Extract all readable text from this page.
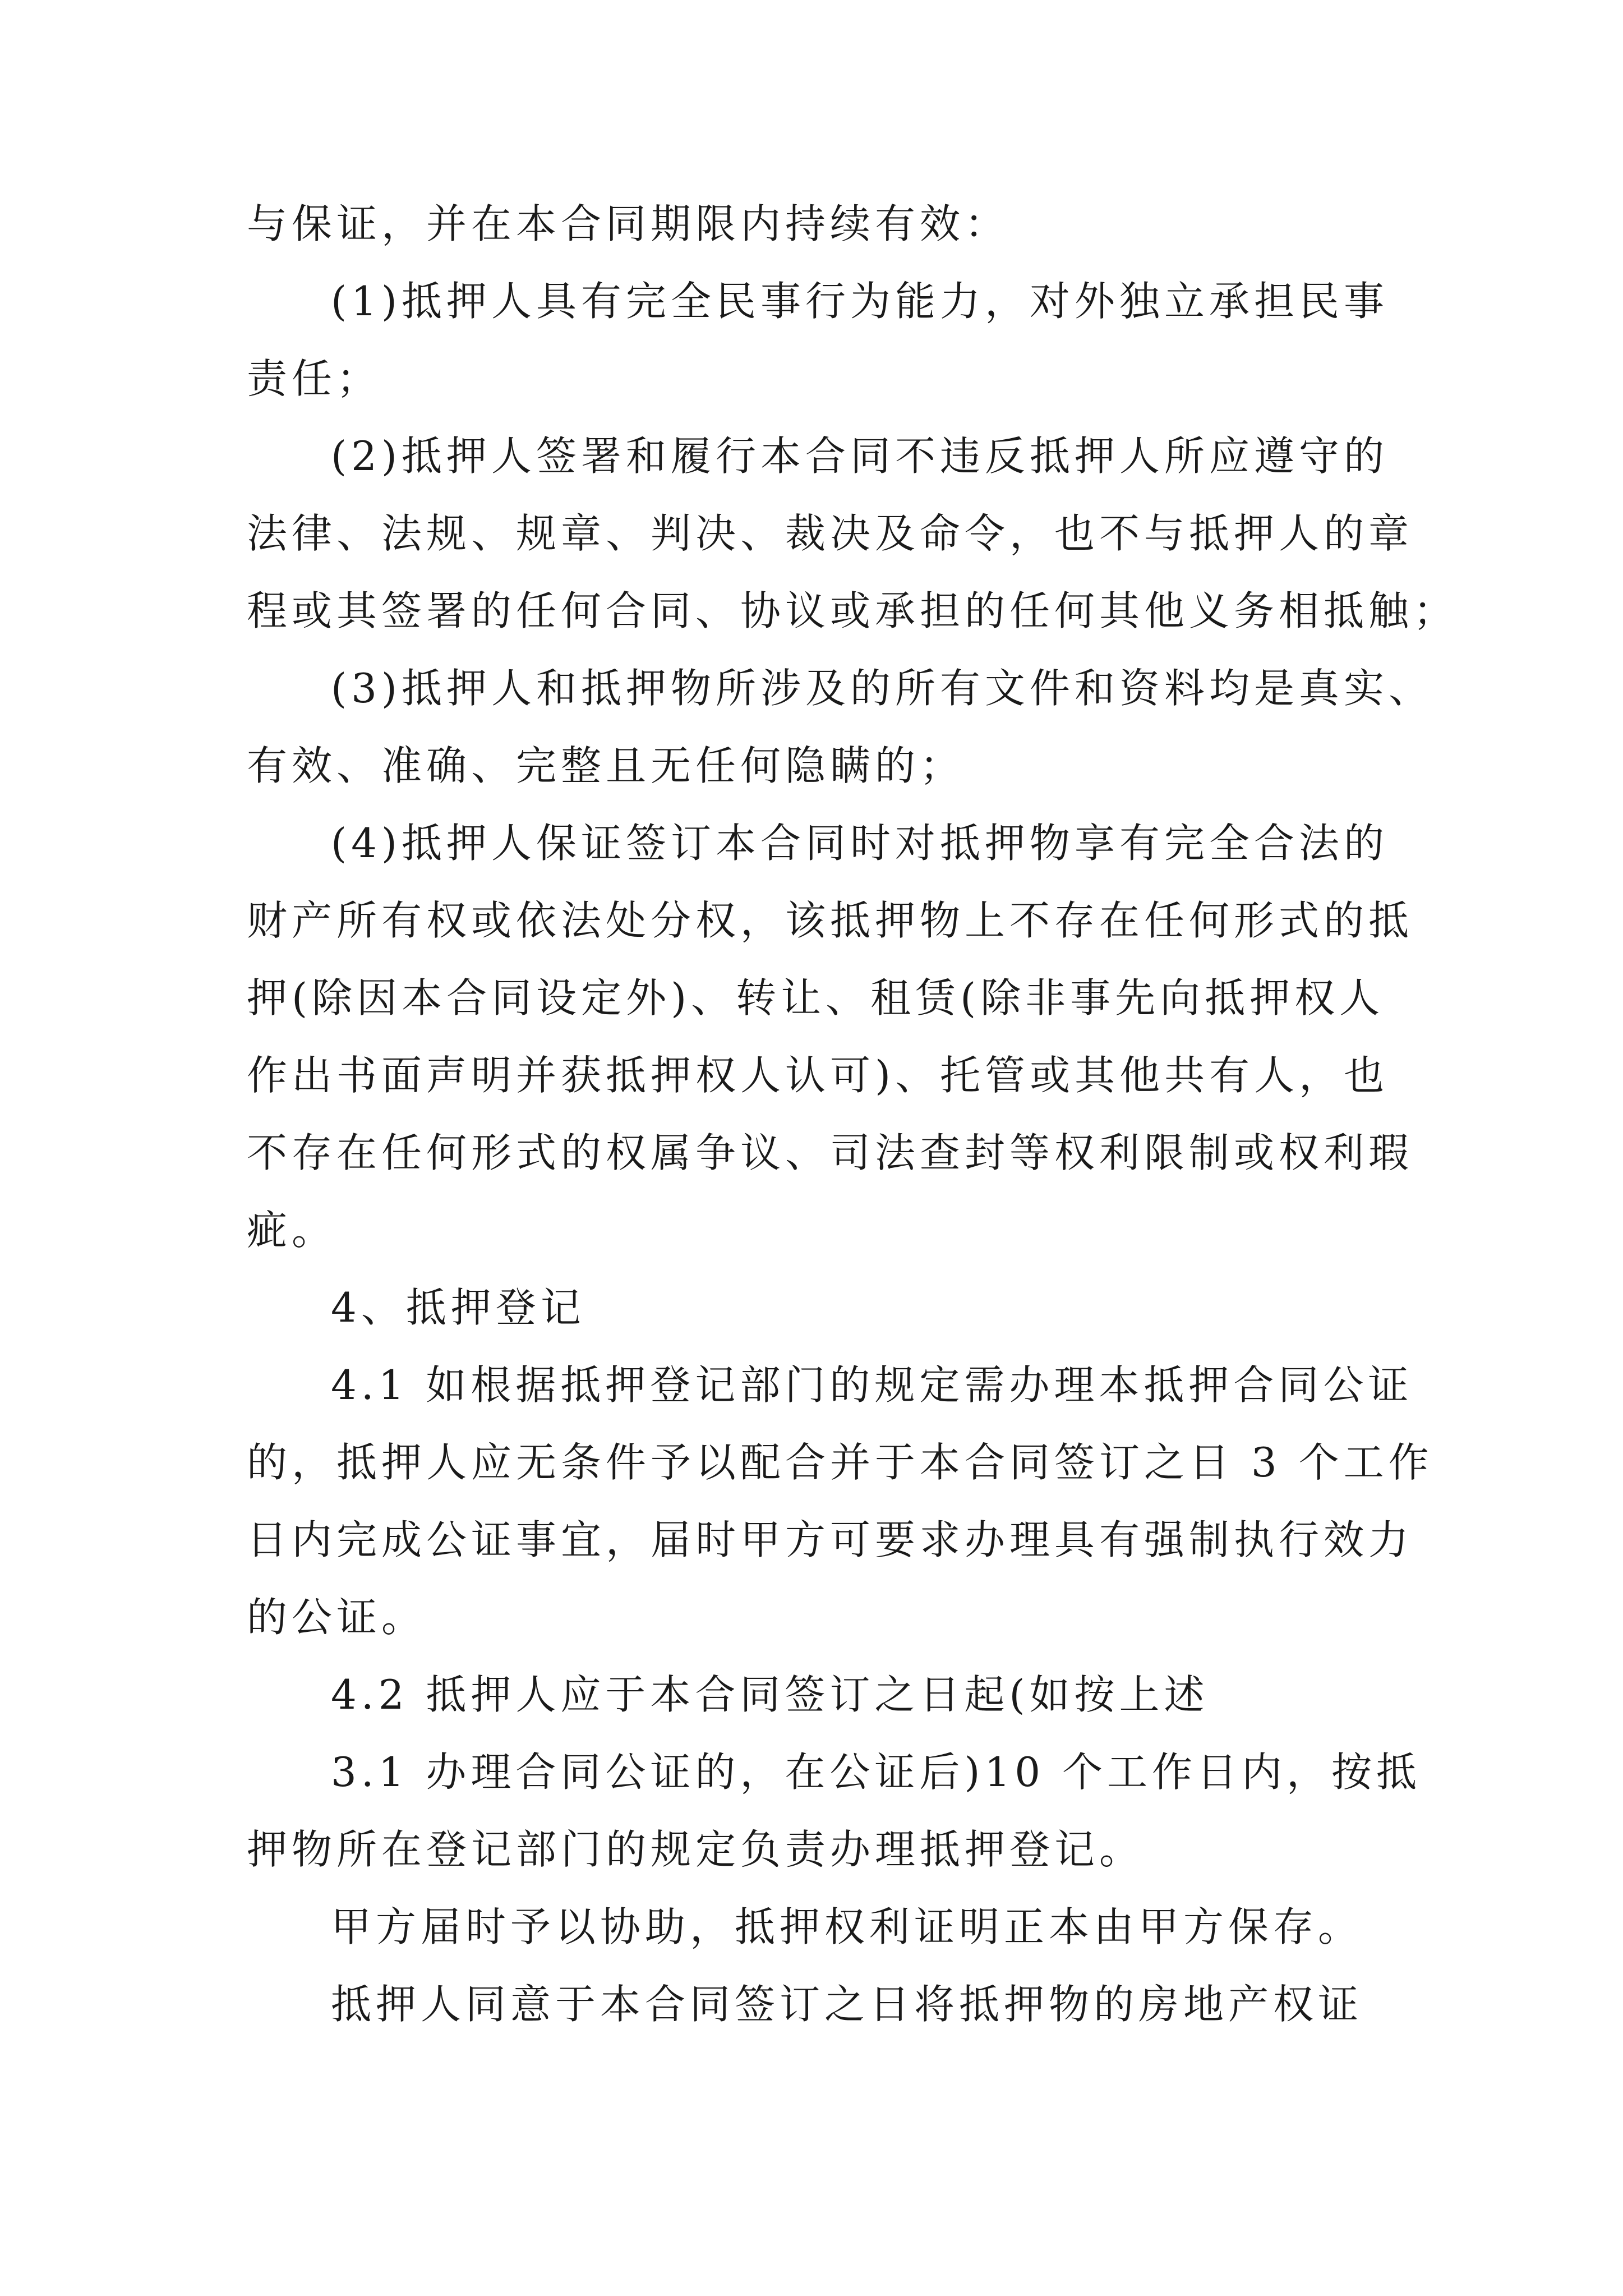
与保证，并在本合同期限内持续有效：
(1)抵押人具有完全民事行为能力，对外独立承担民事
责任；
(2)抵押人签署和履行本合同不违反抵押人所应遵守的
法律、法规、规章、判决、裁决及命令，也不与抵押人的章
程或其签署的任何合同、协议或承担的任何其他义务相抵触；
(3)抵押人和抵押物所涉及的所有文件和资料均是真实、
有效、准确、完整且无任何隐瞒的；
(4)抵押人保证签订本合同时对抵押物享有完全合法的
财产所有权或依法处分权，该抵押物上不存在任何形式的抵
押(除因本合同设定外)、转让、租赁(除非事先向抵押权人
作出书面声明并获抵押权人认可)、托管或其他共有人，也
不存在任何形式的权属争议、司法查封等权利限制或权利瑕
疵。
4、抵押登记
4.1 如根据抵押登记部门的规定需办理本抵押合同公证
的，抵押人应无条件予以配合并于本合同签订之日 3 个工作
日内完成公证事宜，届时甲方可要求办理具有强制执行效力
的公证。
4.2 抵押人应于本合同签订之日起(如按上述
3.1 办理合同公证的，在公证后)10 个工作日内，按抵
押物所在登记部门的规定负责办理抵押登记。
甲方届时予以协助，抵押权利证明正本由甲方保存。
抵押人同意于本合同签订之日将抵押物的房地产权证
